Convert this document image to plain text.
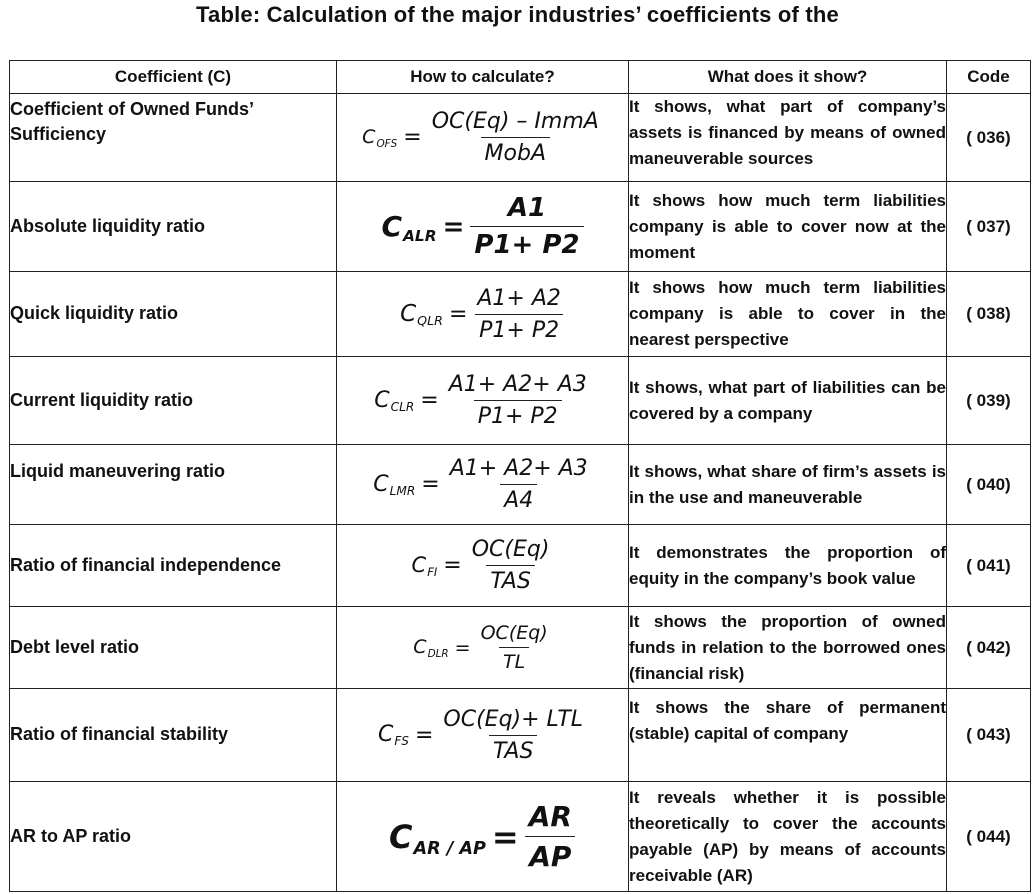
Table: Calculation of the major industries’ coefficients of the
Coefficient (C)	How to calculate?	What does it show?	Code
Coefficient of Owned Funds’ Sufficiency	$C_{OFS} = \frac{\text{OC(Eq) – ImmA}}{\text{MobA}}$	It shows, what part of company’s assets is financed by means of owned maneuverable sources	( 036)
Absolute liquidity ratio	$C_{ALR} = \frac{A1}{P1+ P2}$	It shows how much term liabilities company is able to cover now at the moment	( 037)
Quick liquidity ratio	$C_{QLR} = \frac{A1+ A2}{P1+ P2}$	It shows how much term liabilities company is able to cover in the nearest perspective	( 038)
Current liquidity ratio	$C_{CLR} = \frac{A1+ A2+ A3}{P1+ P2}$	It shows, what part of liabilities can be covered by a company	( 039)
Liquid maneuvering ratio	$C_{LMR} = \frac{A1+ A2+ A3}{A4}$	It shows, what share of firm’s assets is in the use and maneuverable	( 040)
Ratio of financial independence	$C_{FI} = \frac{OC(Eq)}{\text{TAS}}$	It demonstrates the proportion of equity in the company’s book value	( 041)
Debt level ratio	$C_{DLR} = \frac{OC(Eq)}{TL}$	It shows the proportion of owned funds in relation to the borrowed ones (financial risk)	( 042)
Ratio of financial stability	$C_{FS} = \frac{\text{OC(Eq)+ LTL}}{\text{TAS}}$	It shows the share of permanent (stable) capital of company	( 043)
AR to AP ratio	$C_{AR / AP} = \frac{AR}{AP}$	It reveals whether it is possible theoretically to cover the accounts payable (AP) by means of accounts receivable (AR)	( 044)
